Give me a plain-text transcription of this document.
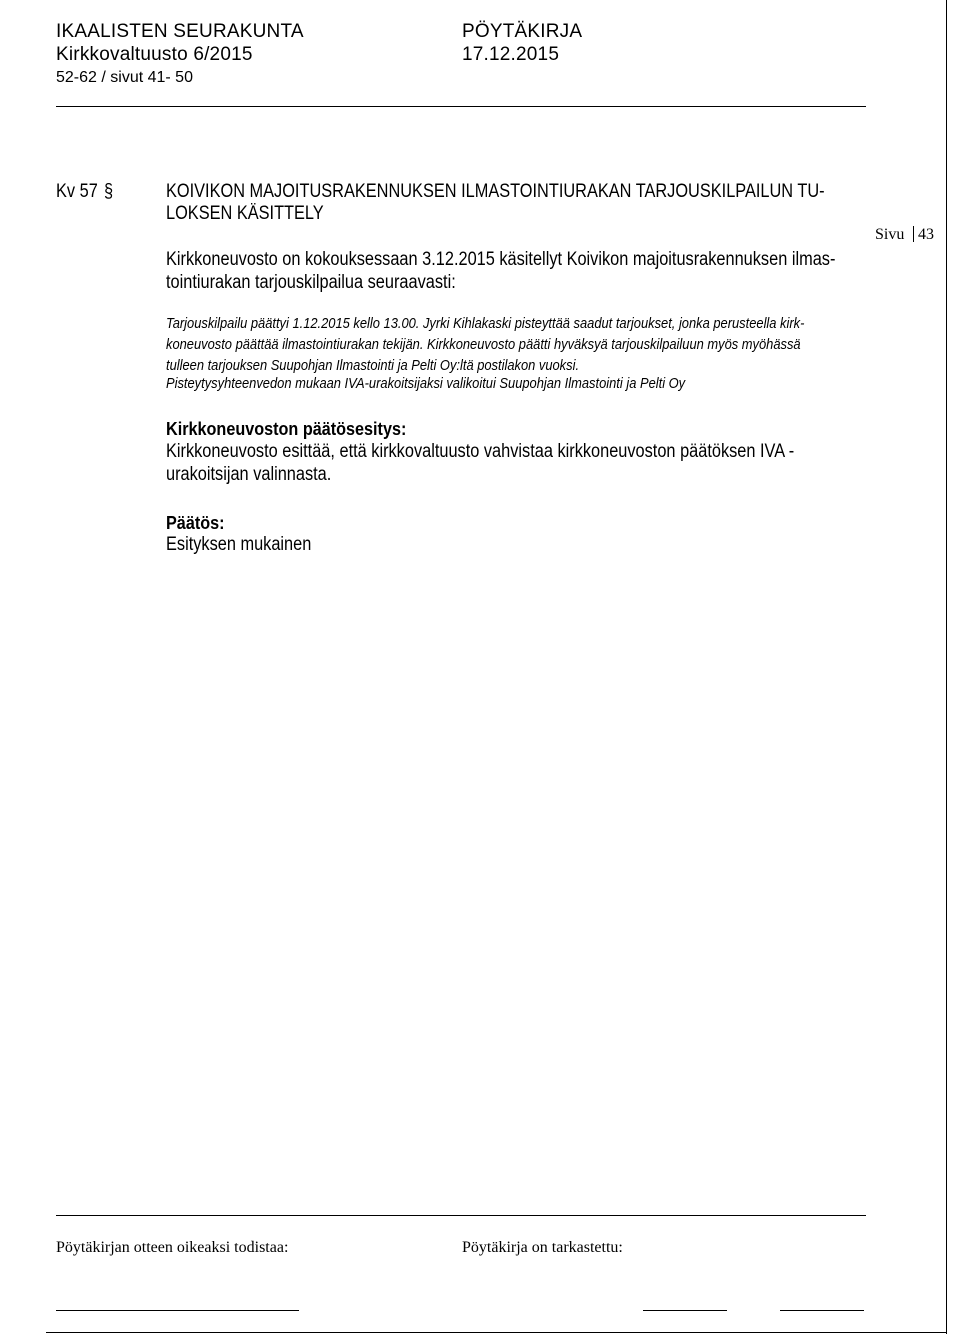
IKAALISTEN SEURAKUNTA	PÖYTÄKIRJA
Kirkkovaltuusto 6/2015	17.12.2015
52-62 / sivut 41- 50
Kv 57 §	KOIVIKON MAJOITUSRAKENNUKSEN ILMASTOINTIURAKAN TARJOUSKILPAILUN TU-
LOKSEN KÄSITTELY
Kirkkoneuvosto on kokouksessaan 3.12.2015 käsitellyt Koivikon majoitusrakennuksen ilmas-
tointiurakan tarjouskilpailua seuraavasti:
Sivu 43
Tarjouskilpailu päättyi 1.12.2015 kello 13.00. Jyrki Kihlakaski pisteyttää saadut tarjoukset, jonka perusteella kirk-
koneuvosto päättää ilmastointiurakan tekijän. Kirkkoneuvosto päätti hyväksyä tarjouskilpailuun myös myöhässä
tulleen tarjouksen Suupohjan Ilmastointi ja Pelti Oy:ltä postilakon vuoksi.
Pisteytysyhteenvedon mukaan IVA-urakoitsijaksi valikoitui Suupohjan Ilmastointi ja Pelti Oy
Kirkkoneuvoston päätösesitys:
Kirkkoneuvosto esittää, että kirkkovaltuusto vahvistaa kirkkoneuvoston päätöksen IVA -
urakoitsijan valinnasta.
Päätös:
Esityksen mukainen
Pöytäkirjan otteen oikeaksi todistaa:	Pöytäkirja on tarkastettu:
